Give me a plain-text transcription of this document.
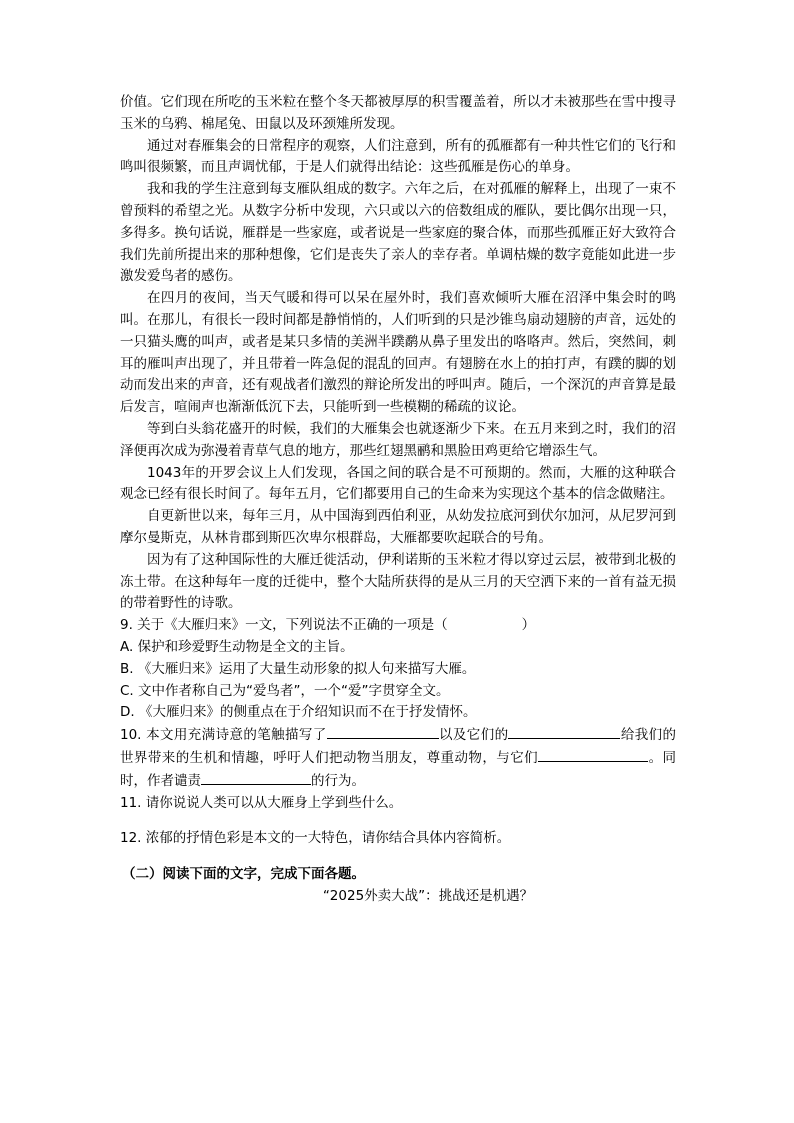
价值。它们现在所吃的玉米粒在整个冬天都被厚厚的积雪覆盖着，所以才未被那些在雪中搜寻玉米的乌鸦、棉尾兔、田鼠以及环颈雉所发现。

通过对春雁集会的日常程序的观察，人们注意到，所有的孤雁都有一种共性它们的飞行和鸣叫很频繁，而且声调忧郁，于是人们就得出结论：这些孤雁是伤心的单身。

我和我的学生注意到每支雁队组成的数字。六年之后，在对孤雁的解释上，出现了一束不曾预料的希望之光。从数字分析中发现，六只或以六的倍数组成的雁队，要比偶尔出现一只，多得多。换句话说，雁群是一些家庭，或者说是一些家庭的聚合体，而那些孤雁正好大致符合我们先前所提出来的那种想像，它们是丧失了亲人的幸存者。单调枯燥的数字竟能如此进一步激发爱鸟者的感伤。

在四月的夜间，当天气暖和得可以呆在屋外时，我们喜欢倾听大雁在沼泽中集会时的鸣叫。在那儿，有很长一段时间都是静悄悄的，人们听到的只是沙锥鸟扇动翅膀的声音，远处的一只猫头鹰的叫声，或者是某只多情的美洲半蹼鹬从鼻子里发出的咯咯声。然后，突然间，刺耳的雁叫声出现了，并且带着一阵急促的混乱的回声。有翅膀在水上的拍打声，有蹼的脚的划动而发出来的声音，还有观战者们激烈的辩论所发出的呼叫声。随后，一个深沉的声音算是最后发言，喧闹声也渐渐低沉下去，只能听到一些模糊的稀疏的议论。

等到白头翁花盛开的时候，我们的大雁集会也就逐渐少下来。在五月来到之时，我们的沼泽便再次成为弥漫着青草气息的地方，那些红翅黑鹂和黑脸田鸡更给它增添生气。

1043年的开罗会议上人们发现，各国之间的联合是不可预期的。然而，大雁的这种联合观念已经有很长时间了。每年五月，它们都要用自己的生命来为实现这个基本的信念做赌注。

自更新世以来，每年三月，从中国海到西伯利亚，从幼发拉底河到伏尔加河，从尼罗河到摩尔曼斯克，从林肯郡到斯匹次卑尔根群岛，大雁都要吹起联合的号角。

因为有了这种国际性的大雁迁徙活动，伊利诺斯的玉米粒才得以穿过云层，被带到北极的冻土带。在这种每年一度的迁徙中，整个大陆所获得的是从三月的天空洒下来的一首有益无损的带着野性的诗歌。

9. 关于《大雁归来》一文，下列说法不正确的一项是（	）

A. 保护和珍爱野生动物是全文的主旨。

B. 《大雁归来》运用了大量生动形象的拟人句来描写大雁。

C. 文中作者称自己为“爱鸟者”，一个“爱”字贯穿全文。

D. 《大雁归来》的侧重点在于介绍知识而不在于抒发情怀。

10. 本文用充满诗意的笔触描写了	以及它们的	给我们的世界带来的生机和情趣，呼吁人们把动物当朋友，尊重动物，与它们	。同时，作者谴责	的行为。

11. 请你说说人类可以从大雁身上学到些什么。

12. 浓郁的抒情色彩是本文的一大特色，请你结合具体内容简析。

（二）阅读下面的文字，完成下面各题。

“2025外卖大战”：挑战还是机遇？
